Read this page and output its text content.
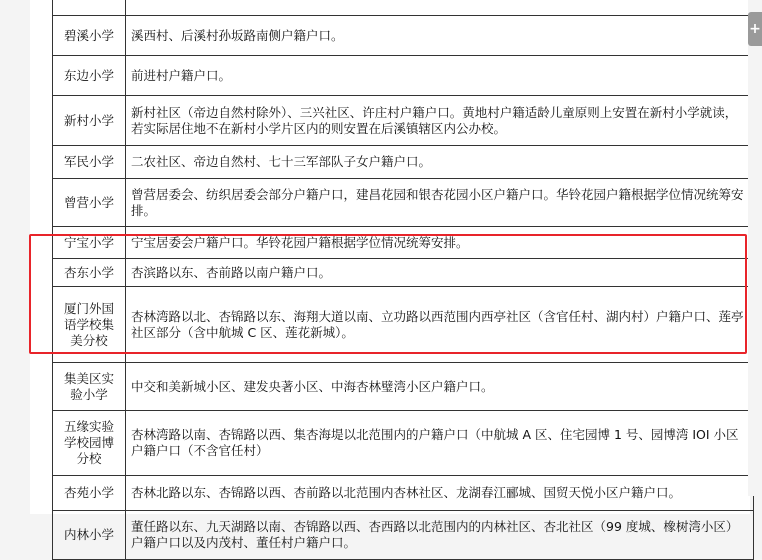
碧溪小学	溪西村、后溪村孙坂路南侧户籍户口。
东边小学	前进村户籍户口。
新村小学	新村社区（帝边自然村除外）、三兴社区、许庄村户籍户口。黄地村户籍适龄儿童原则上安置在新村小学就读，若实际居住地不在新村小学片区内的则安置在后溪镇辖区内公办校。
军民小学	二农社区、帝边自然村、七十三军部队子女户籍户口。
曾营小学	曾营居委会、纺织居委会部分户籍户口，建昌花园和银杏花园小区户籍户口。华铃花园户籍根据学位情况统筹安排。
宁宝小学	宁宝居委会户籍户口。华铃花园户籍根据学位情况统筹安排。
杏东小学	杏滨路以东、杏前路以南户籍户口。
厦门外国语学校集美分校	杏林湾路以北、杏锦路以东、海翔大道以南、立功路以西范围内西亭社区（含官任村、湖内村）户籍户口、莲亭社区部分（含中航城 C 区、莲花新城）。
集美区实验小学	中交和美新城小区、建发央著小区、中海杏林璧湾小区户籍户口。
五缘实验学校园博分校	杏林湾路以南、杏锦路以西、集杏海堤以北范围内的户籍户口（中航城 A 区、住宅园博 1 号、园博湾 IOI 小区户籍户口（不含官任村）
杏苑小学	杏林北路以东、杏锦路以西、杏前路以北范围内杏林社区、龙湖春江郦城、国贸天悦小区户籍户口。
内林小学	董任路以东、九天湖路以南、杏锦路以西、杏西路以北范围内的内林社区、杏北社区（99 度城、橡树湾小区）户籍户口以及内茂村、董任村户籍户口。
+
